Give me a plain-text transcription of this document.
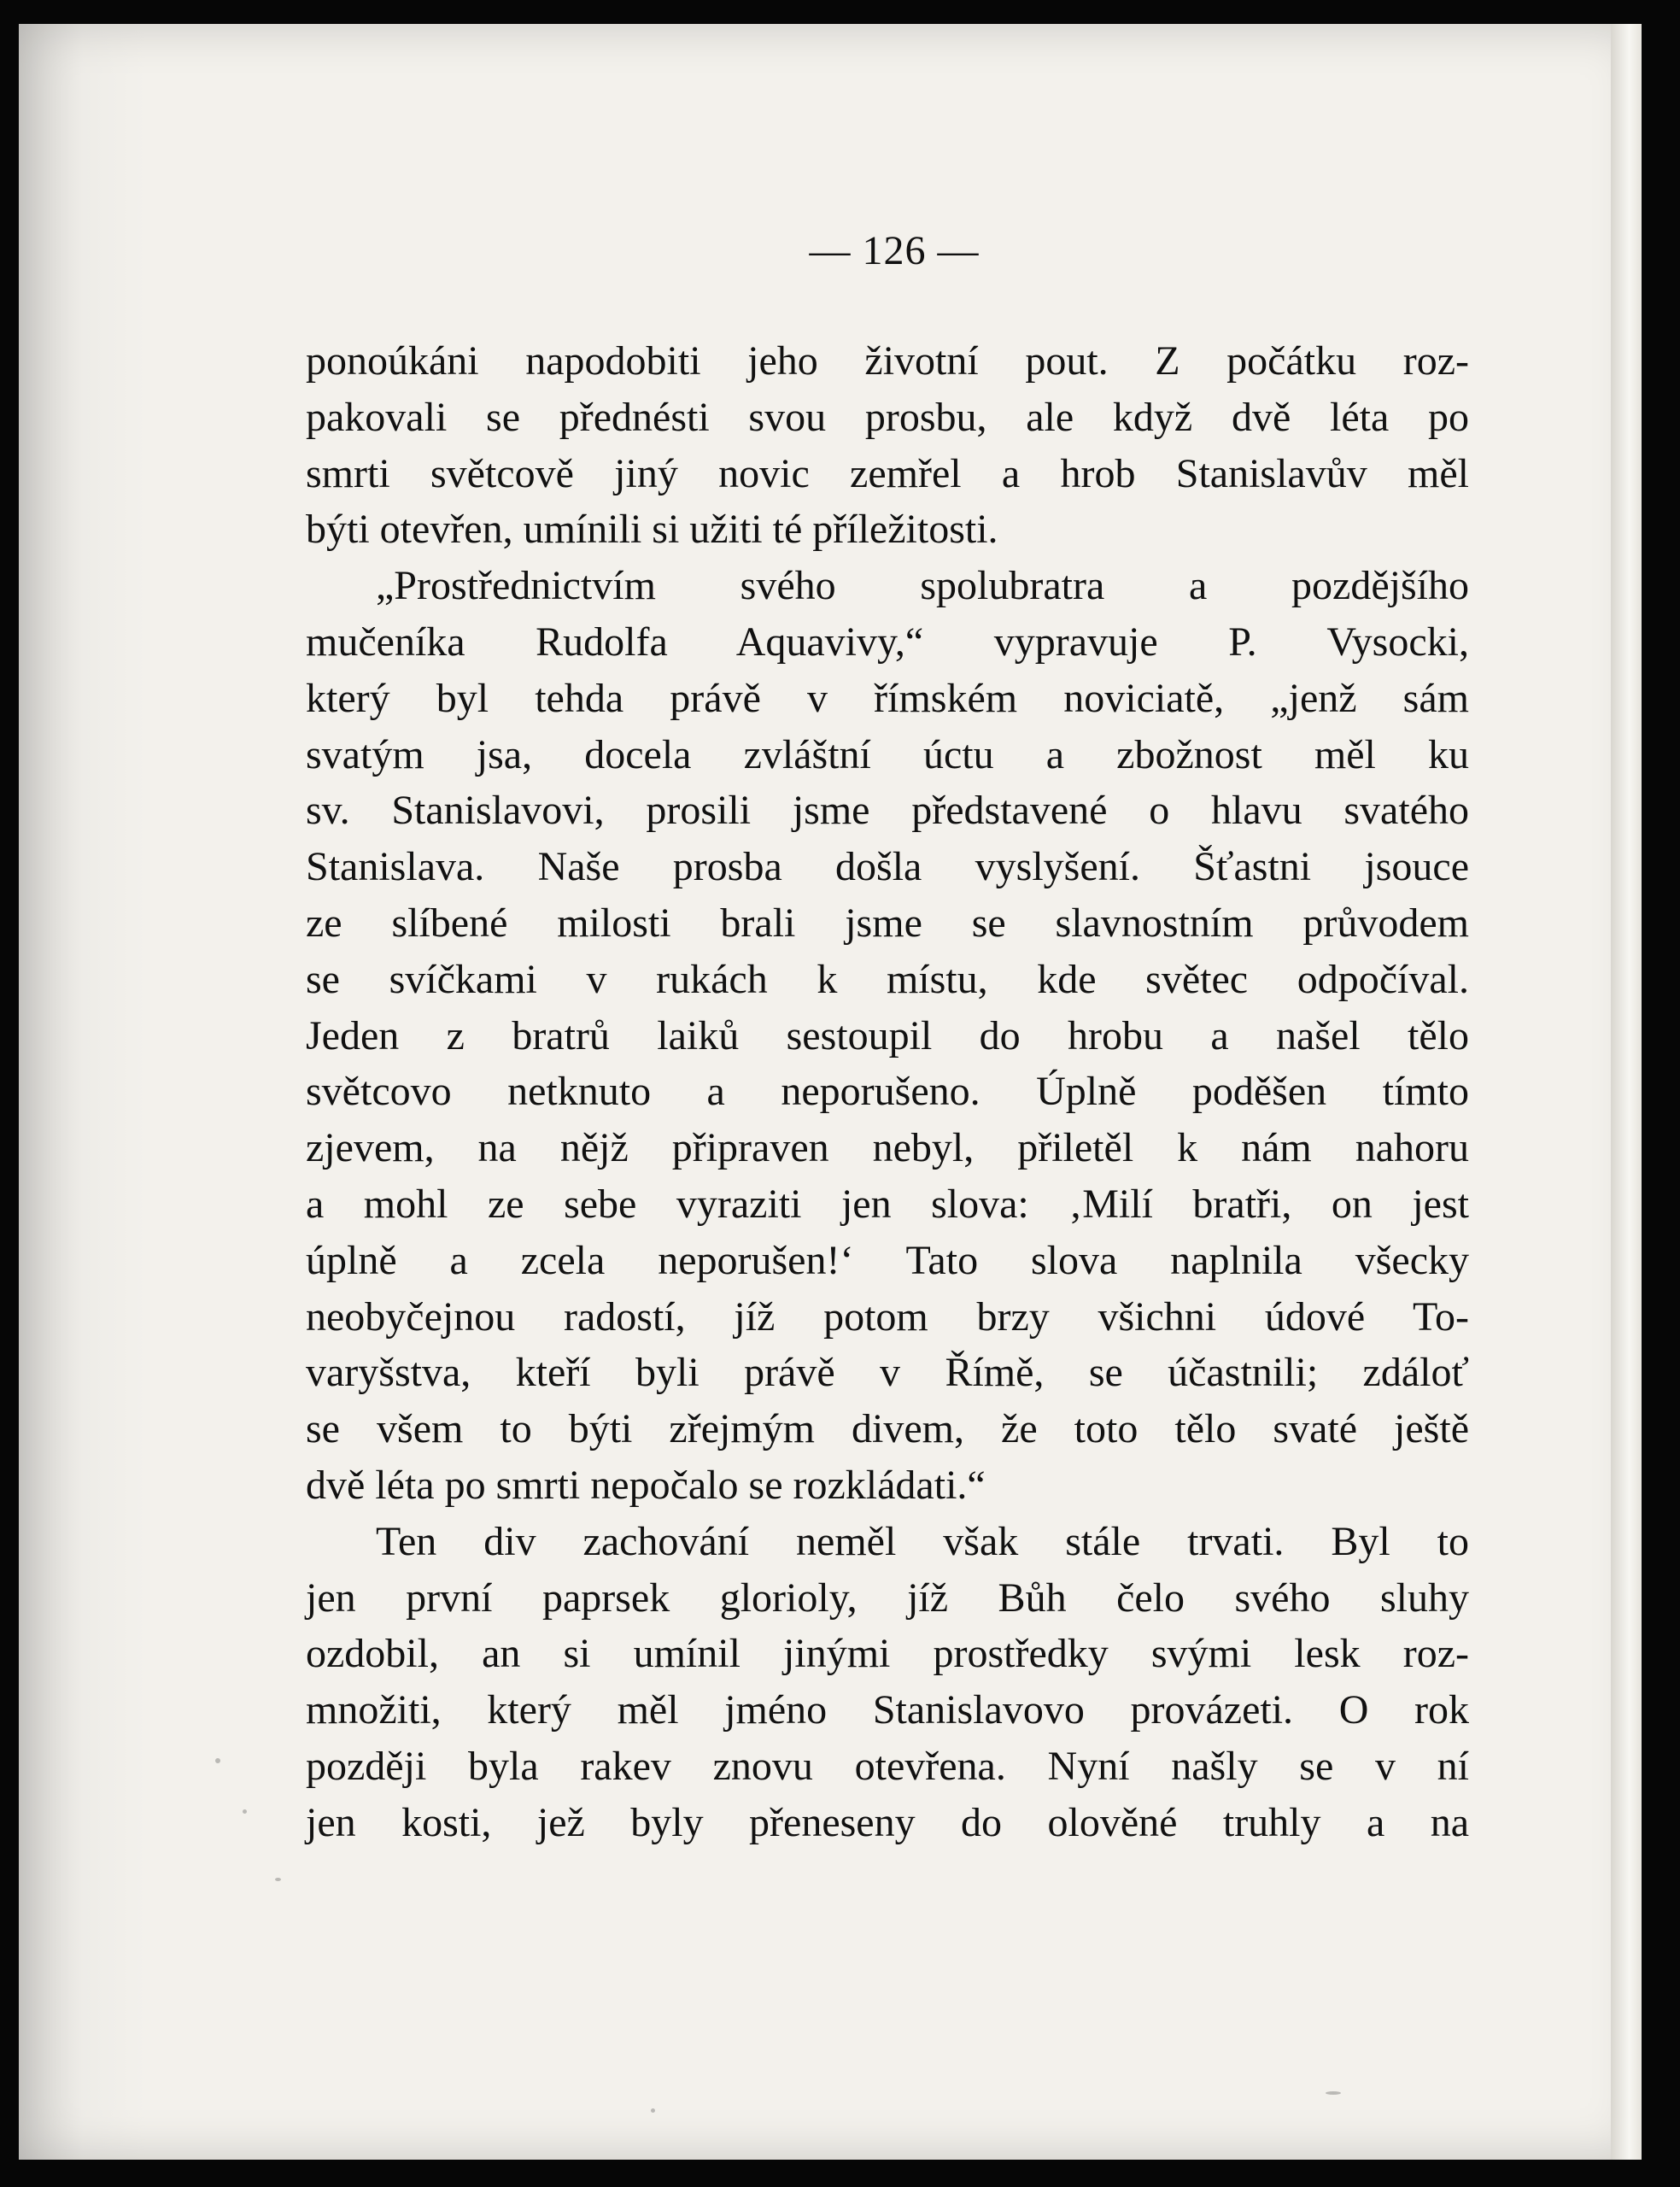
— 126 —
ponoúkáni napodobiti jeho životní pout. Z počátku roz-
pakovali se přednésti svou prosbu, ale když dvě léta po
smrti světcově jiný novic zemřel a hrob Stanislavův měl
býti otevřen, umínili si užiti té příležitosti.
„Prostřednictvím svého spolubratra a pozdějšího
mučeníka Rudolfa Aquavivy,“ vypravuje P. Vysocki,
který byl tehda právě v římském noviciatě, „jenž sám
svatým jsa, docela zvláštní úctu a zbožnost měl ku
sv. Stanislavovi, prosili jsme představené o hlavu svatého
Stanislava. Naše prosba došla vyslyšení. Šťastni jsouce
ze slíbené milosti brali jsme se slavnostním průvodem
se svíčkami v rukách k místu, kde světec odpočíval.
Jeden z bratrů laiků sestoupil do hrobu a našel tělo
světcovo netknuto a neporušeno. Úplně poděšen tímto
zjevem, na nějž připraven nebyl, přiletěl k nám nahoru
a mohl ze sebe vyraziti jen slova: ‚Milí bratři, on jest
úplně a zcela neporušen!‘ Tato slova naplnila všecky
neobyčejnou radostí, jíž potom brzy všichni údové To-
varyšstva, kteří byli právě v Římě, se účastnili; zdáloť
se všem to býti zřejmým divem, že toto tělo svaté ještě
dvě léta po smrti nepočalo se rozkládati.“
Ten div zachování neměl však stále trvati. Byl to
jen první paprsek glorioly, jíž Bůh čelo svého sluhy
ozdobil, an si umínil jinými prostředky svými lesk roz-
množiti, který měl jméno Stanislavovo provázeti. O rok
později byla rakev znovu otevřena. Nyní našly se v ní
jen kosti, jež byly přeneseny do olověné truhly a na
